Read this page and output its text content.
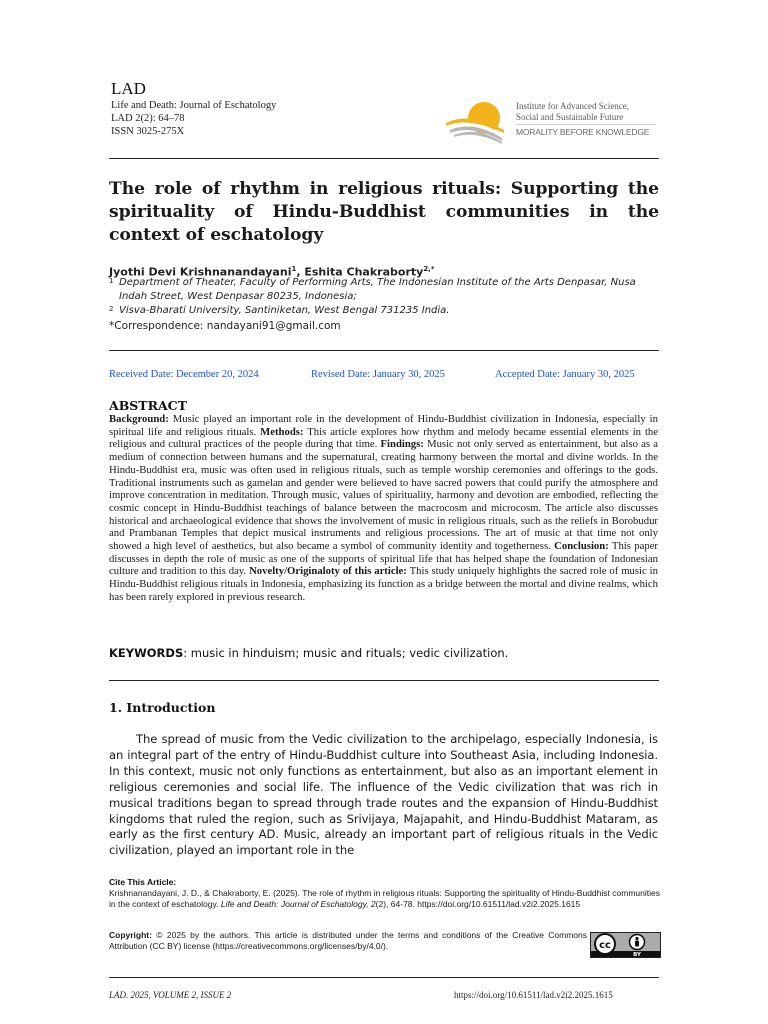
LAD
Life and Death: Journal of Eschatology
LAD 2(2): 64–78
ISSN 3025-275X
Institute for Advanced Science,
Social and Sustainable Future
MORALITY BEFORE KNOWLEDGE
The role of rhythm in religious rituals: Supporting the spirituality of Hindu-Buddhist communities in the context of eschatology
Jyothi Devi Krishnanandayani$^1$, Eshita Chakraborty$^{2,*}$
1 Department of Theater, Faculty of Performing Arts, The Indonesian Institute of the Arts Denpasar, Nusa Indah Street, West Denpasar 80235, Indonesia;
2 Visva-Bharati University, Santiniketan, West Bengal 731235 India.
*Correspondence: nandayani91@gmail.com
Received Date: December 20, 2024	Revised Date: January 30, 2025	Accepted Date: January 30, 2025
ABSTRACT
Background: Music played an important role in the development of Hindu-Buddhist civilization in Indonesia, especially in spiritual life and religious rituals. Methods: This article explores how rhythm and melody became essential elements in the religious and cultural practices of the people during that time. Findings: Music not only served as entertainment, but also as a medium of connection between humans and the supernatural, creating harmony between the mortal and divine worlds. In the Hindu-Buddhist era, music was often used in religious rituals, such as temple worship ceremonies and offerings to the gods. Traditional instruments such as gamelan and gender were believed to have sacred powers that could purify the atmosphere and improve concentration in meditation. Through music, values of spirituality, harmony and devotion are embodied, reflecting the cosmic concept in Hindu-Buddhist teachings of balance between the macrocosm and microcosm. The article also discusses historical and archaeological evidence that shows the involvement of music in religious rituals, such as the reliefs in Borobudur and Prambanan Temples that depict musical instruments and religious processions. The art of music at that time not only showed a high level of aesthetics, but also became a symbol of community identity and togetherness. Conclusion: This paper discusses in depth the role of music as one of the supports of spiritual life that has helped shape the foundation of Indonesian culture and tradition to this day. Novelty/Originaloty of this article: This study uniquely highlights the sacred role of music in Hindu-Buddhist religious rituals in Indonesia, emphasizing its function as a bridge between the mortal and divine realms, which has been rarely explored in previous research.
KEYWORDS: music in hinduism; music and rituals; vedic civilization.
1. Introduction
The spread of music from the Vedic civilization to the archipelago, especially Indonesia, is an integral part of the entry of Hindu-Buddhist culture into Southeast Asia, including Indonesia. In this context, music not only functions as entertainment, but also as an important element in religious ceremonies and social life. The influence of the Vedic civilization that was rich in musical traditions began to spread through trade routes and the expansion of Hindu-Buddhist kingdoms that ruled the region, such as Srivijaya, Majapahit, and Hindu-Buddhist Mataram, as early as the first century AD. Music, already an important part of religious rituals in the Vedic civilization, played an important role in the
Cite This Article:
Krishnanandayani, J. D., & Chakraborty, E. (2025). The role of rhythm in religious rituals: Supporting the spirituality of Hindu-Buddhist communities in the context of eschatology. Life and Death: Journal of Eschatology, 2(2), 64-78. https://doi.org/10.61511/lad.v2i2.2025.1615
Copyright: © 2025 by the authors. This article is distributed under the terms and conditions of the Creative Commons Attribution (CC BY) license (https://creativecommons.org/licenses/by/4.0/).	cc
BY
LAD. 2025, VOLUME 2, ISSUE 2	https://doi.org/10.61511/lad.v2i2.2025.1615
